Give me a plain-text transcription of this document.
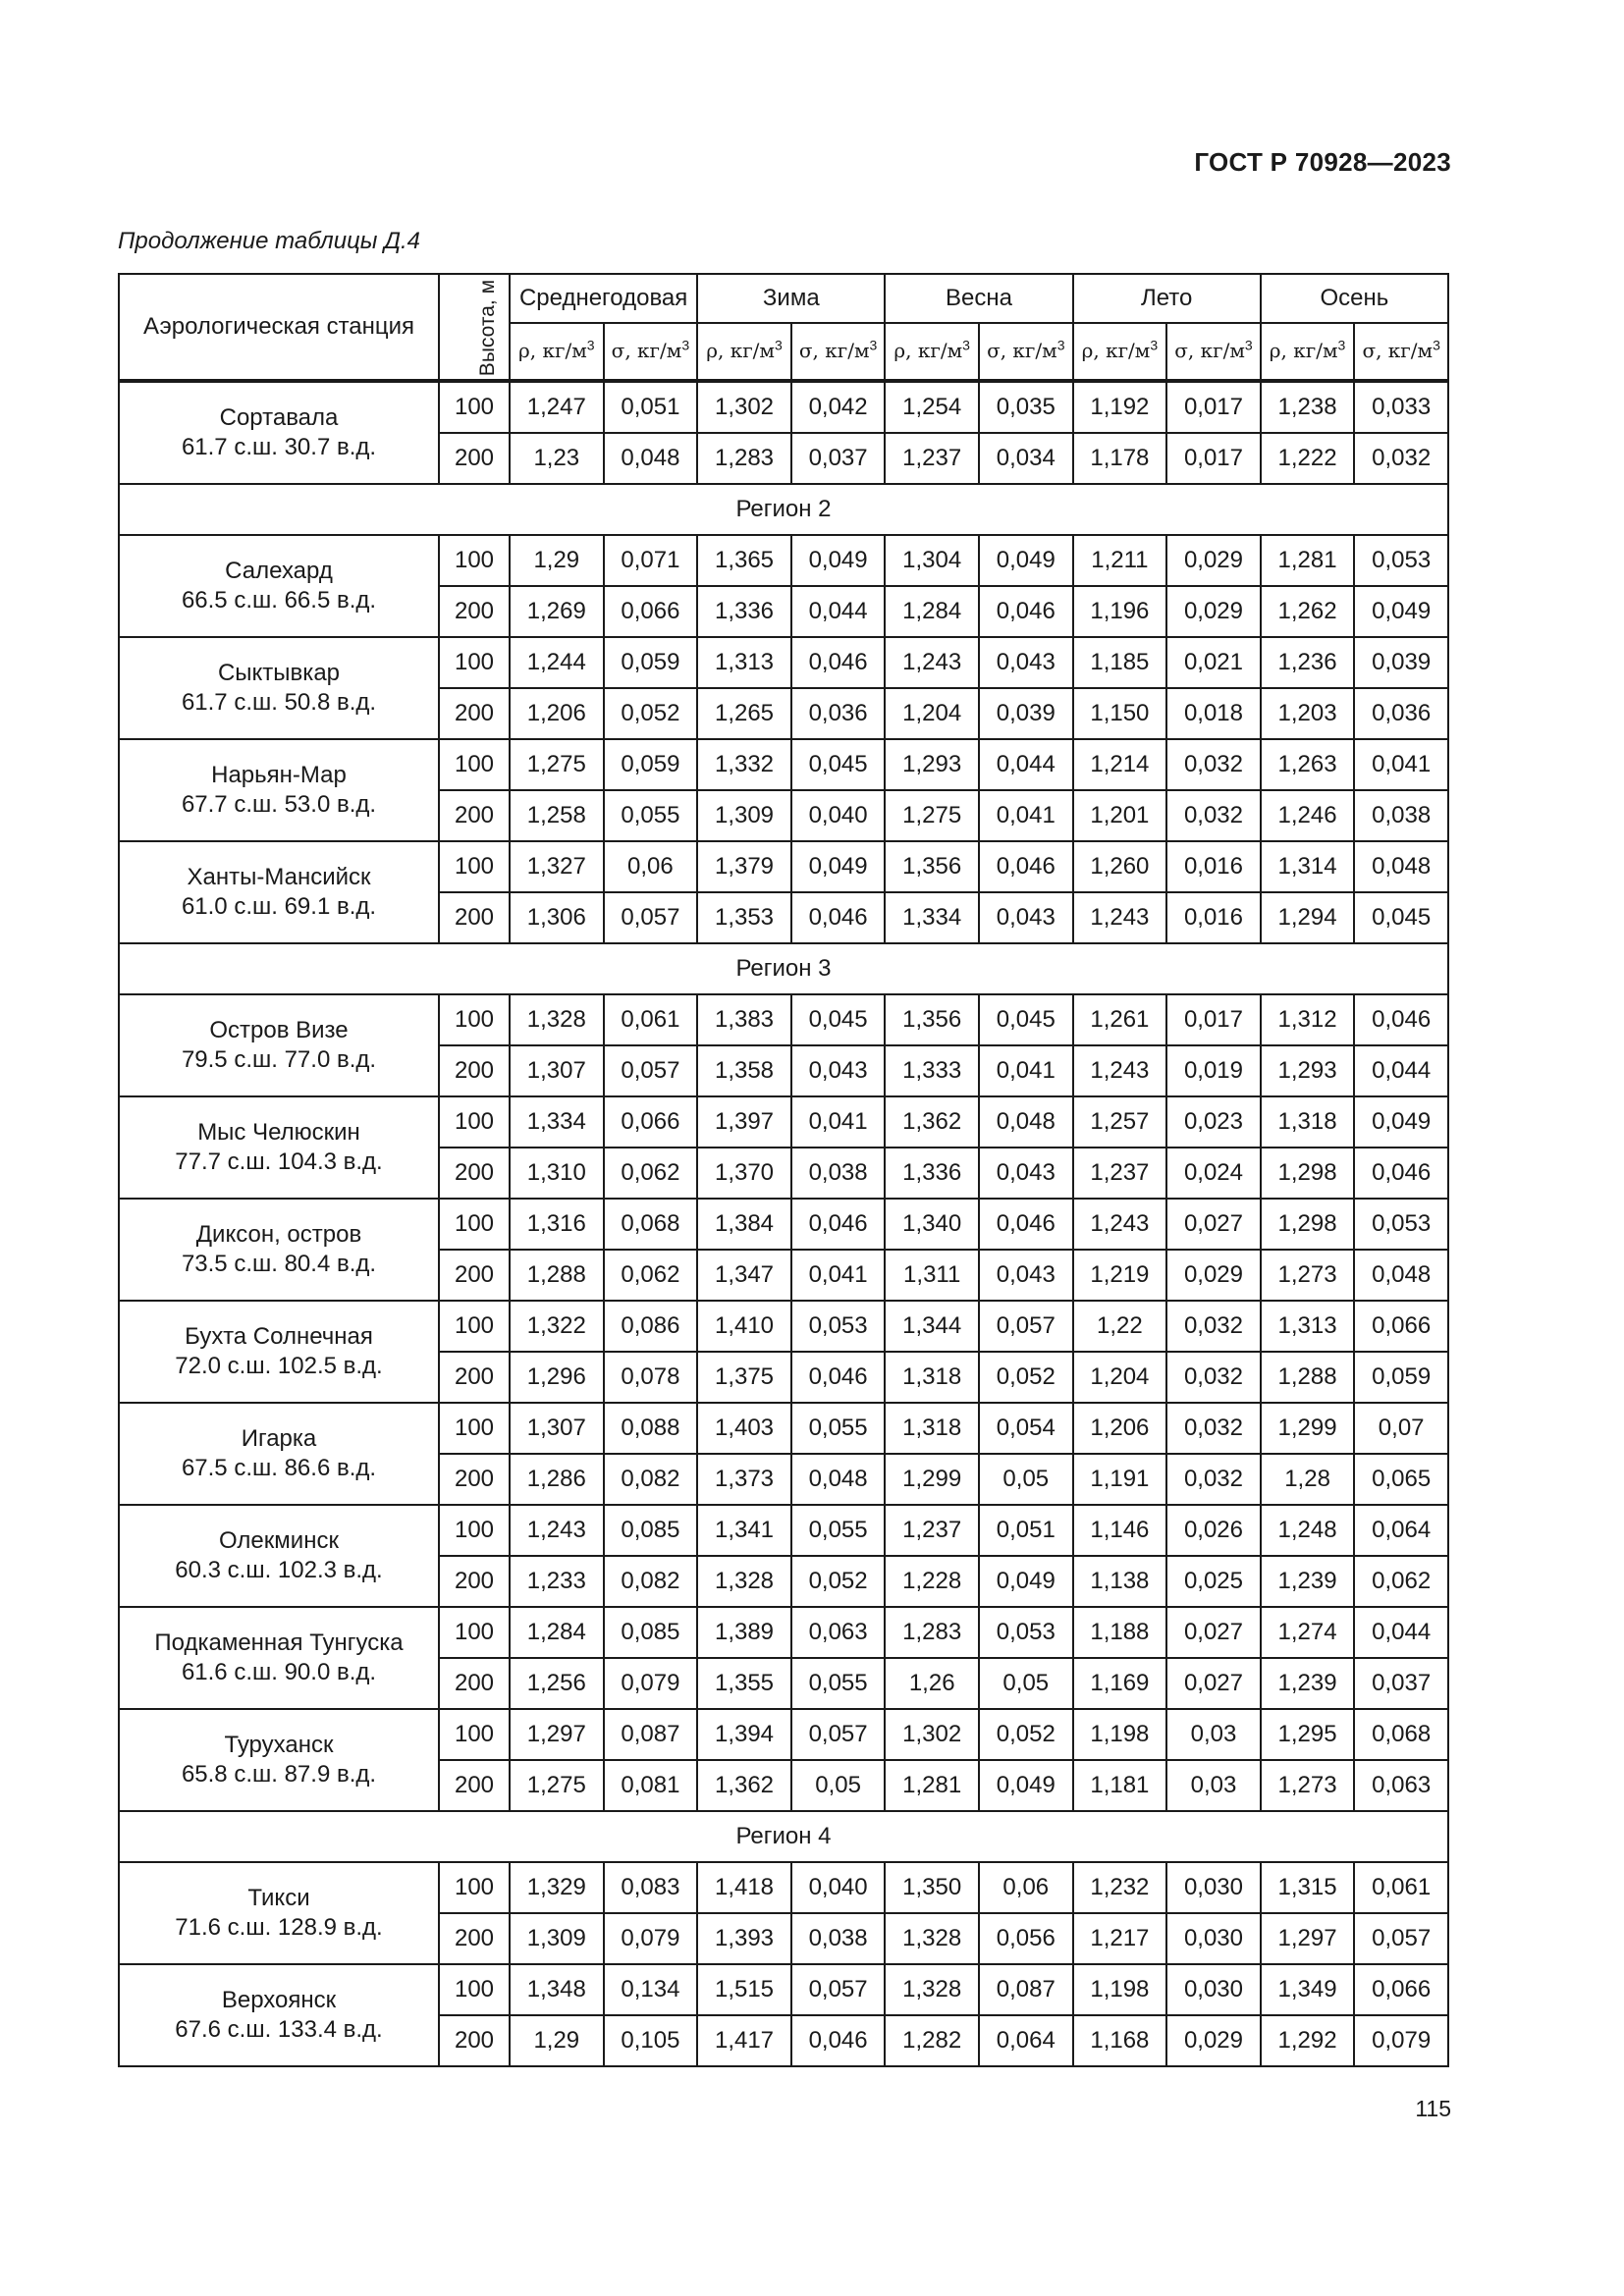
ГОСТ Р 70928—2023
Продолжение таблицы Д.4
Аэрологическая станция	Высота, м	Среднегодовая		Зима		Весна		Лето		Осень	
		ρ, $кг/м^3$	σ, $кг/м^3$	ρ, $кг/м^3$	σ, $кг/м^3$	ρ, $кг/м^3$	σ, $кг/м^3$	ρ, $кг/м^3$	σ, $кг/м^3$	ρ, $кг/м^3$	σ, $кг/м^3$

Сортавала
61.7 с.ш. 30.7 в.д.	100	1,247	0,051	1,302	0,042	1,254	0,035	1,192	0,017	1,238	0,033
	200	1,23	0,048	1,283	0,037	1,237	0,034	1,178	0,017	1,222	0,032
Регион 2											

Салехард
66.5 с.ш. 66.5 в.д.	100	1,29	0,071	1,365	0,049	1,304	0,049	1,211	0,029	1,281	0,053
	200	1,269	0,066	1,336	0,044	1,284	0,046	1,196	0,029	1,262	0,049

Сыктывкар
61.7 с.ш. 50.8 в.д.	100	1,244	0,059	1,313	0,046	1,243	0,043	1,185	0,021	1,236	0,039
	200	1,206	0,052	1,265	0,036	1,204	0,039	1,150	0,018	1,203	0,036

Нарьян-Мар
67.7 с.ш. 53.0 в.д.	100	1,275	0,059	1,332	0,045	1,293	0,044	1,214	0,032	1,263	0,041
	200	1,258	0,055	1,309	0,040	1,275	0,041	1,201	0,032	1,246	0,038

Ханты-Мансийск
61.0 с.ш. 69.1 в.д.	100	1,327	0,06	1,379	0,049	1,356	0,046	1,260	0,016	1,314	0,048
	200	1,306	0,057	1,353	0,046	1,334	0,043	1,243	0,016	1,294	0,045
Регион 3											

Остров Визе
79.5 с.ш. 77.0 в.д.	100	1,328	0,061	1,383	0,045	1,356	0,045	1,261	0,017	1,312	0,046
	200	1,307	0,057	1,358	0,043	1,333	0,041	1,243	0,019	1,293	0,044

Мыс Челюскин
77.7 с.ш. 104.3 в.д.	100	1,334	0,066	1,397	0,041	1,362	0,048	1,257	0,023	1,318	0,049
	200	1,310	0,062	1,370	0,038	1,336	0,043	1,237	0,024	1,298	0,046

Диксон, остров
73.5 с.ш. 80.4 в.д.	100	1,316	0,068	1,384	0,046	1,340	0,046	1,243	0,027	1,298	0,053
	200	1,288	0,062	1,347	0,041	1,311	0,043	1,219	0,029	1,273	0,048

Бухта Солнечная
72.0 с.ш. 102.5 в.д.	100	1,322	0,086	1,410	0,053	1,344	0,057	1,22	0,032	1,313	0,066
	200	1,296	0,078	1,375	0,046	1,318	0,052	1,204	0,032	1,288	0,059

Игарка
67.5 с.ш. 86.6 в.д.	100	1,307	0,088	1,403	0,055	1,318	0,054	1,206	0,032	1,299	0,07
	200	1,286	0,082	1,373	0,048	1,299	0,05	1,191	0,032	1,28	0,065

Олекминск
60.3 с.ш. 102.3 в.д.	100	1,243	0,085	1,341	0,055	1,237	0,051	1,146	0,026	1,248	0,064
	200	1,233	0,082	1,328	0,052	1,228	0,049	1,138	0,025	1,239	0,062

Подкаменная Тунгуска
61.6 с.ш. 90.0 в.д.	100	1,284	0,085	1,389	0,063	1,283	0,053	1,188	0,027	1,274	0,044
	200	1,256	0,079	1,355	0,055	1,26	0,05	1,169	0,027	1,239	0,037

Туруханск
65.8 с.ш. 87.9 в.д.	100	1,297	0,087	1,394	0,057	1,302	0,052	1,198	0,03	1,295	0,068
	200	1,275	0,081	1,362	0,05	1,281	0,049	1,181	0,03	1,273	0,063
Регион 4											

Тикси
71.6 с.ш. 128.9 в.д.	100	1,329	0,083	1,418	0,040	1,350	0,06	1,232	0,030	1,315	0,061
	200	1,309	0,079	1,393	0,038	1,328	0,056	1,217	0,030	1,297	0,057

Верхоянск
67.6 с.ш. 133.4 в.д.	100	1,348	0,134	1,515	0,057	1,328	0,087	1,198	0,030	1,349	0,066
	200	1,29	0,105	1,417	0,046	1,282	0,064	1,168	0,029	1,292	0,079
115
